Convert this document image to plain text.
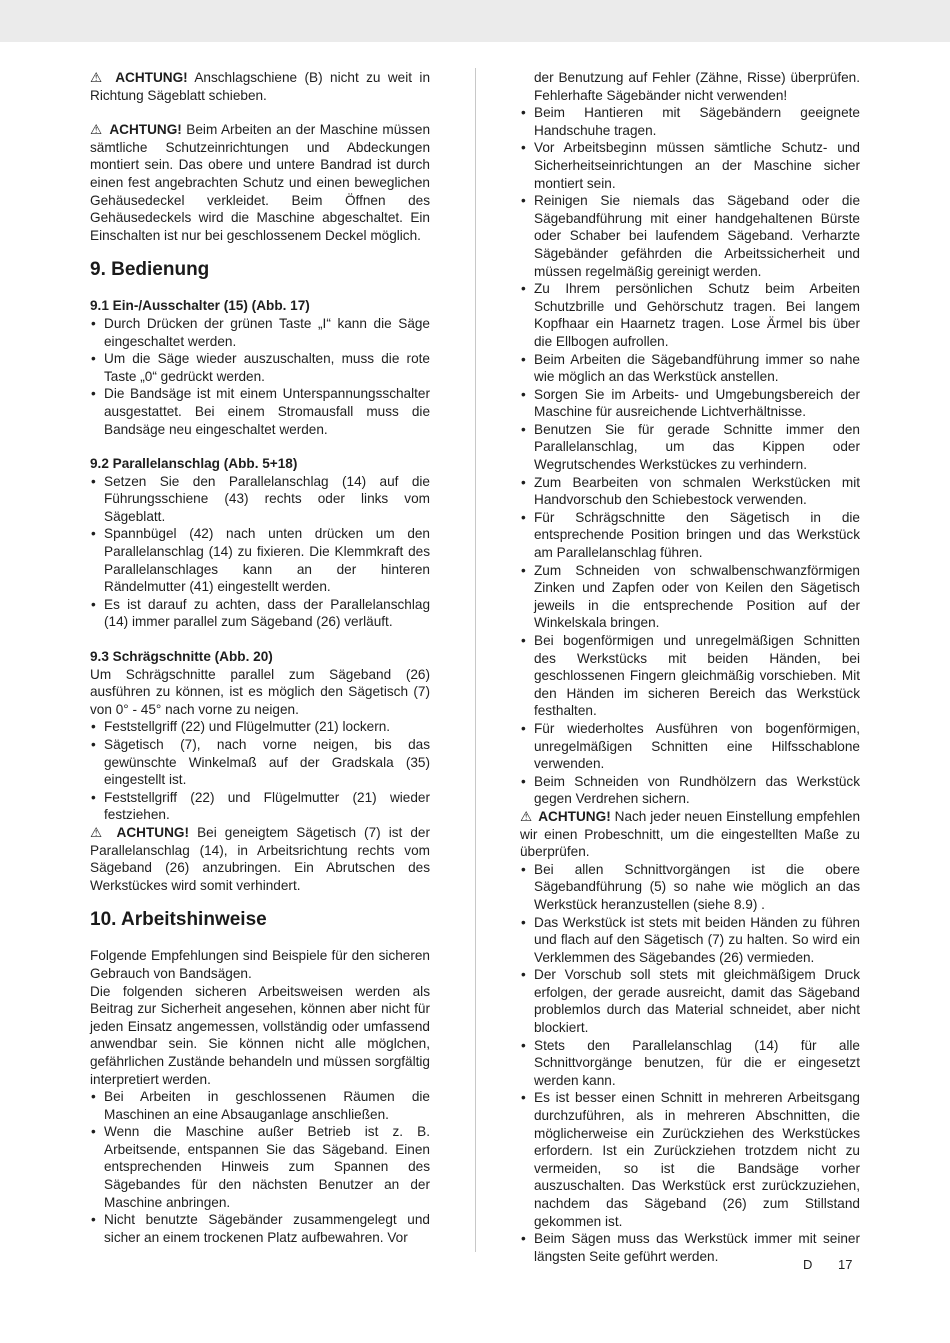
⚠ ACHTUNG! Anschlagschiene (B) nicht zu weit in Richtung Sägeblatt schieben.

⚠ ACHTUNG! Beim Arbeiten an der Maschine müssen sämtliche Schutzeinrichtungen und Abdeckungen montiert sein. Das obere und untere Bandrad ist durch einen fest angebrachten Schutz und einen beweglichen Gehäusedeckel verkleidet. Beim Öffnen des Gehäusedeckels wird die Maschine abgeschaltet. Ein Einschalten ist nur bei geschlossenem Deckel möglich.

9. Bedienung
9.1 Ein-/Ausschalter (15) (Abb. 17)
• Durch Drücken der grünen Taste „I“ kann die Säge eingeschaltet werden.
• Um die Säge wieder auszuschalten, muss die rote Taste „0“ gedrückt werden.
• Die Bandsäge ist mit einem Unterspannungsschalter ausgestattet. Bei einem Stromausfall muss die Bandsäge neu eingeschaltet werden.
9.2 Parallelanschlag (Abb. 5+18)
• Setzen Sie den Parallelanschlag (14) auf die Führungsschiene (43) rechts oder links vom Sägeblatt.
• Spannbügel (42) nach unten drücken um den Parallelanschlag (14) zu fixieren. Die Klemmkraft des Parallelanschlages kann an der hinteren Rändelmutter (41) eingestellt werden.
• Es ist darauf zu achten, dass der Parallelanschlag (14) immer parallel zum Sägeband (26) verläuft.
9.3 Schrägschnitte (Abb. 20)

Um Schrägschnitte parallel zum Sägeband (26) ausführen zu können, ist es möglich den Sägetisch (7) von 0° - 45° nach vorne zu neigen.

• Feststellgriff (22) und Flügelmutter (21) lockern.
• Sägetisch (7), nach vorne neigen, bis das gewünschte Winkelmaß auf der Gradskala (35) eingestellt ist.
• Feststellgriff (22) und Flügelmutter (21) wieder festziehen.

⚠ ACHTUNG! Bei geneigtem Sägetisch (7) ist der Parallelanschlag (14), in Arbeitsrichtung rechts vom Sägeband (26) anzubringen. Ein Abrutschen des Werkstückes wird somit verhindert.

10. Arbeitshinweise

Folgende Empfehlungen sind Beispiele für den sicheren Gebrauch von Bandsägen.

Die folgenden sicheren Arbeitsweisen werden als Beitrag zur Sicherheit angesehen, können aber nicht für jeden Einsatz angemessen, vollständig oder umfassend anwendbar sein. Sie können nicht alle möglchen, gefährlichen Zustände behandeln und müssen sorgfältig interpretiert werden.

• Bei Arbeiten in geschlossenen Räumen die Maschinen an eine Absauganlage anschließen.
• Wenn die Maschine außer Betrieb ist z. B. Arbeitsende, entspannen Sie das Sägeband. Einen entsprechenden Hinweis zum Spannen des Sägebandes für den nächsten Benutzer an der Maschine anbringen.
• Nicht benutzte Sägebänder zusammengelegt und sicher an einem trockenen Platz aufbewahren. Vor

der Benutzung auf Fehler (Zähne, Risse) überprüfen. Fehlerhafte Sägebänder nicht verwenden!

• Beim Hantieren mit Sägebändern geeignete Handschuhe tragen.
• Vor Arbeitsbeginn müssen sämtliche Schutz- und Sicherheitseinrichtungen an der Maschine sicher montiert sein.
• Reinigen Sie niemals das Sägeband oder die Sägebandführung mit einer handgehaltenen Bürste oder Schaber bei laufendem Sägeband. Verharzte Sägebänder gefährden die Arbeitssicherheit und müssen regelmäßig gereinigt werden.
• Zu Ihrem persönlichen Schutz beim Arbeiten Schutzbrille und Gehörschutz tragen. Bei langem Kopfhaar ein Haarnetz tragen. Lose Ärmel bis über die Ellbogen aufrollen.
• Beim Arbeiten die Sägebandführung immer so nahe wie möglich an das Werkstück anstellen.
• Sorgen Sie im Arbeits- und Umgebungsbereich der Maschine für ausreichende Lichtverhältnisse.
• Benutzen Sie für gerade Schnitte immer den Parallelanschlag, um das Kippen oder Wegrutschendes Werkstückes zu verhindern.
• Zum Bearbeiten von schmalen Werkstücken mit Handvorschub den Schiebestock verwenden.
• Für Schrägschnitte den Sägetisch in die entsprechende Position bringen und das Werkstück am Parallelanschlag führen.
• Zum Schneiden von schwalbenschwanzförmigen Zinken und Zapfen oder von Keilen den Sägetisch jeweils in die entsprechende Position auf der Winkelskala bringen.
• Bei bogenförmigen und unregelmäßigen Schnitten des Werkstücks mit beiden Händen, bei geschlossenen Fingern gleichmäßig vorschieben. Mit den Händen im sicheren Bereich das Werkstück festhalten.
• Für wiederholtes Ausführen von bogenförmigen, unregelmäßigen Schnitten eine Hilfsschablone verwenden.
• Beim Schneiden von Rundhölzern das Werkstück gegen Verdrehen sichern.

⚠ ACHTUNG! Nach jeder neuen Einstellung empfehlen wir einen Probeschnitt, um die eingestellten Maße zu überprüfen.

• Bei allen Schnittvorgängen ist die obere Sägebandführung (5) so nahe wie möglich an das Werkstück heranzustellen (siehe 8.9) .
• Das Werkstück ist stets mit beiden Händen zu führen und flach auf den Sägetisch (7) zu halten. So wird ein Verklemmen des Sägebandes (26) vermieden.
• Der Vorschub soll stets mit gleichmäßigem Druck erfolgen, der gerade ausreicht, damit das Sägeband problemlos durch das Material schneidet, aber nicht blockiert.
• Stets den Parallelanschlag (14) für alle Schnittvorgänge benutzen, für die er eingesetzt werden kann.
• Es ist besser einen Schnitt in mehreren Arbeitsgang durchzuführen, als in mehreren Abschnitten, die möglicherweise ein Zurückziehen des Werkstückes erfordern. Ist ein Zurückziehen trotzdem nicht zu vermeiden, so ist die Bandsäge vorher auszuschalten. Das Werkstück erst zurückzuziehen, nachdem das Sägeband (26) zum Stillstand gekommen ist.
• Beim Sägen muss das Werkstück immer mit seiner längsten Seite geführt werden.
D 17
